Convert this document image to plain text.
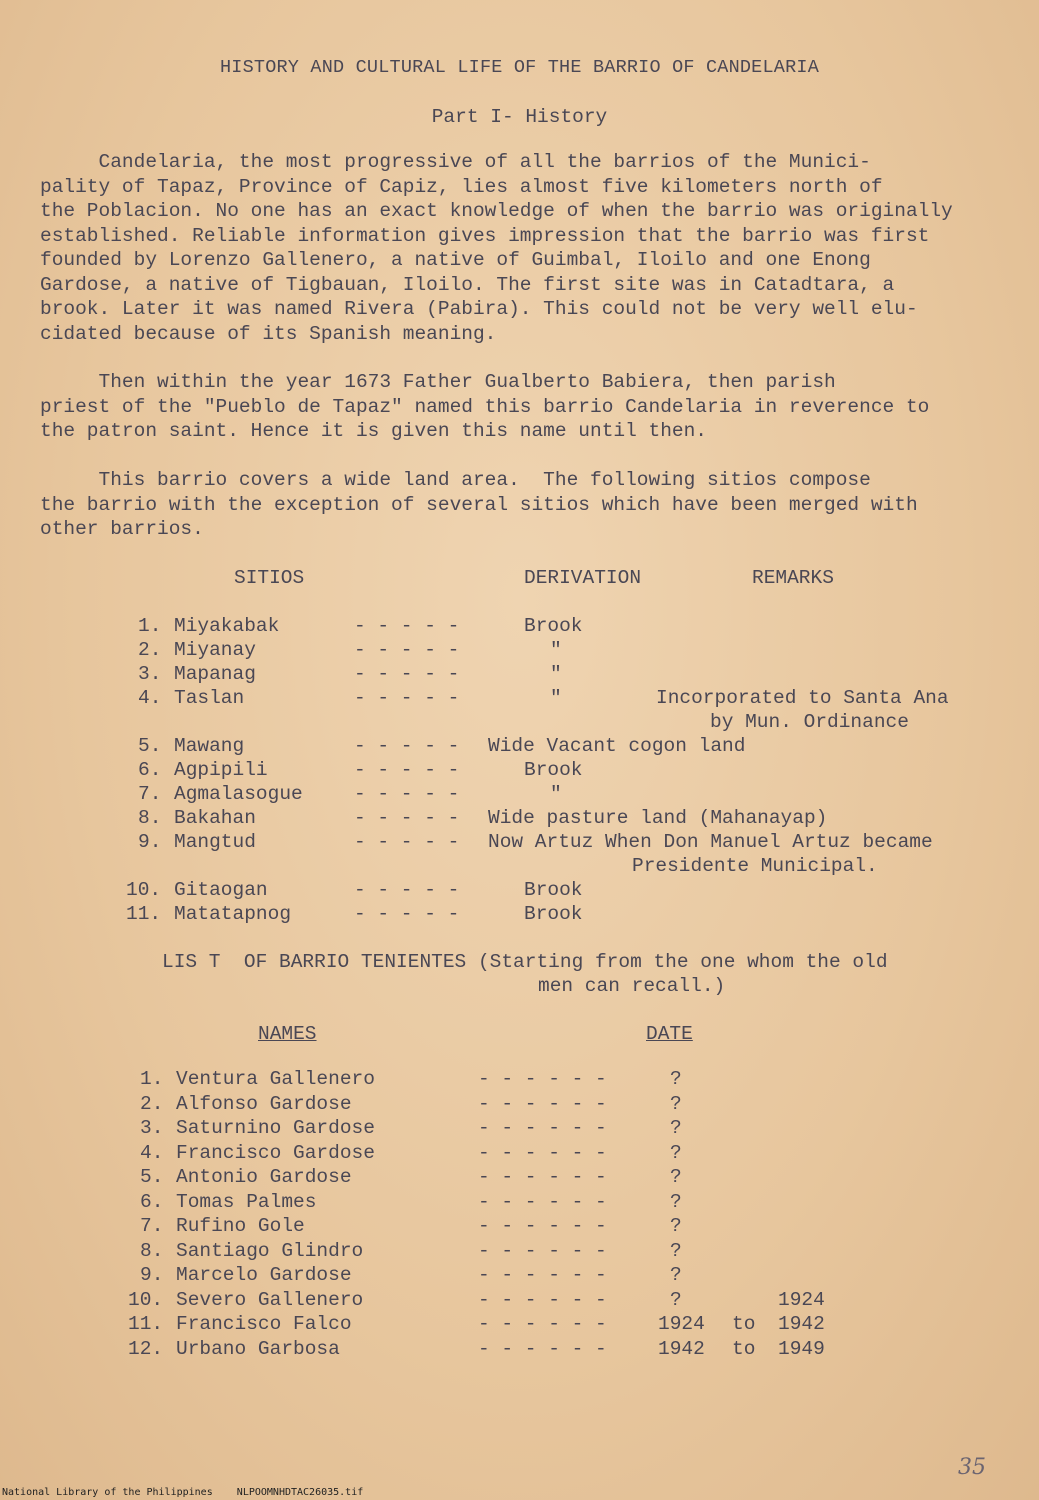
HISTORY AND CULTURAL LIFE OF THE BARRIO OF CANDELARIA
Part I- History
Candelaria, the most progressive of all the barrios of the Munici-
pality of Tapaz, Province of Capiz, lies almost five kilometers north of
the Poblacion. No one has an exact knowledge of when the barrio was originally
established. Reliable information gives impression that the barrio was first
founded by Lorenzo Gallenero, a native of Guimbal, Iloilo and one Enong
Gardose, a native of Tigbauan, Iloilo. The first site was in Catadtara, a
brook. Later it was named Rivera (Pabira). This could not be very well elu-
cidated because of its Spanish meaning.
Then within the year 1673 Father Gualberto Babiera, then parish
priest of the "Pueblo de Tapaz" named this barrio Candelaria in reverence to
the patron saint. Hence it is given this name until then.
This barrio covers a wide land area.  The following sitios compose
the barrio with the exception of several sitios which have been merged with
other barrios.
SITIOS	DERIVATION	REMARKS
1. Miyakabak	- - - - -	Brook
2. Miyanay	- - - - -	"
3. Mapanag	- - - - -	"
4. Taslan	- - - - -	"	Incorporated to Santa Ana
by Mun. Ordinance
5. Mawang	- - - - - Wide Vacant cogon land
6. Agpipili	- - - - -	Brook
7. Agmalasogue	- - - - -	"
8. Bakahan	- - - - - Wide pasture land (Mahanayap)
9. Mangtud	- - - - - Now Artuz When Don Manuel Artuz became
Presidente Municipal.
10. Gitaogan	- - - - -	Brook
11. Matatapnog	- - - - -	Brook
LIS T  OF BARRIO TENIENTES (Starting from the one whom the old
men can recall.)
NAMES	DATE
1. Ventura Gallenero	- - - - - -	?
2. Alfonso Gardose	- - - - - -	?
3. Saturnino Gardose	- - - - - -	?
4. Francisco Gardose	- - - - - -	?
5. Antonio Gardose	- - - - - -	?
6. Tomas Palmes	- - - - - -	?
7. Rufino Gole	- - - - - -	?
8. Santiago Glindro	- - - - - -	?
9. Marcelo Gardose	- - - - - -	?
10. Severo Gallenero	- - - - - -	?	1924
11. Francisco Falco	- - - - - -	1924 to 1942
12. Urbano Garbosa	- - - - - -	1942 to 1949
35
National Library of the Philippines    NLPOOMNHDTAC26035.tif
